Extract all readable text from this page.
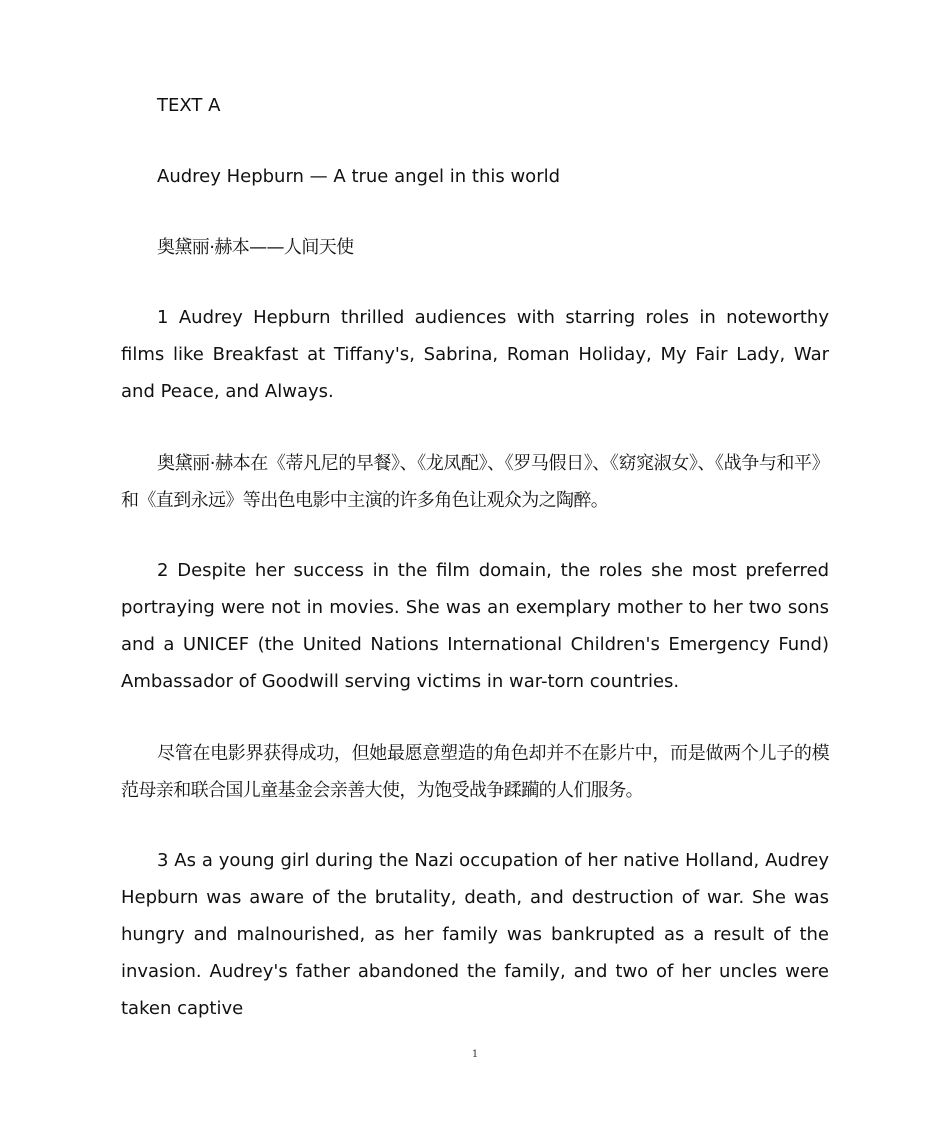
TEXT A

Audrey Hepburn — A true angel in this world

奥黛丽·赫本——人间天使

1 Audrey Hepburn thrilled audiences with starring roles in noteworthy films like Breakfast at Tiffany's, Sabrina, Roman Holiday, My Fair Lady, War and Peace, and Always.

奥黛丽·赫本在《蒂凡尼的早餐》、《龙凤配》、《罗马假日》、《窈窕淑女》、《战争与和平》和《直到永远》等出色电影中主演的许多角色让观众为之陶醉。

2 Despite her success in the film domain, the roles she most preferred portraying were not in movies. She was an exemplary mother to her two sons and a UNICEF (the United Nations International Children's Emergency Fund) Ambassador of Goodwill serving victims in war-torn countries.

尽管在电影界获得成功，但她最愿意塑造的角色却并不在影片中，而是做两个儿子的模范母亲和联合国儿童基金会亲善大使，为饱受战争蹂躏的人们服务。

3 As a young girl during the Nazi occupation of her native Holland, Audrey Hepburn was aware of the brutality, death, and destruction of war. She was hungry and malnourished, as her family was bankrupted as a result of the invasion. Audrey's father abandoned the family, and two of her uncles were taken captive

1
